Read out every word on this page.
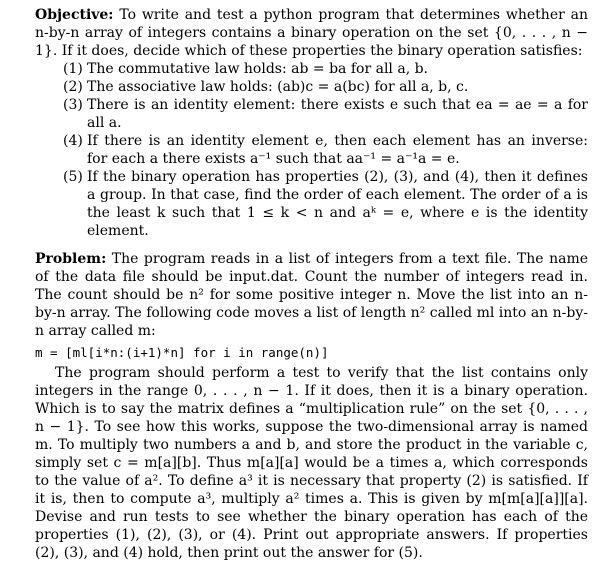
Objective: To write and test a python program that determines whether an n-by-n array of integers contains a binary operation on the set {0, . . . , n − 1}. If it does, decide which of these properties the binary operation satisfies:

(1) The commutative law holds: ab = ba for all a, b.
(2) The associative law holds: (ab)c = a(bc) for all a, b, c.
(3) There is an identity element: there exists e such that ea = ae = a for all a.
(4) If there is an identity element e, then each element has an inverse: for each a there exists a⁻¹ such that aa⁻¹ = a⁻¹a = e.
(5) If the binary operation has properties (2), (3), and (4), then it defines a group. In that case, find the order of each element. The order of a is the least k such that 1 ≤ k < n and aᵏ = e, where e is the identity element.

Problem: The program reads in a list of integers from a text file. The name of the data file should be input.dat. Count the number of integers read in. The count should be n² for some positive integer n. Move the list into an n-by-n array. The following code moves a list of length n² called ml into an n-by-n array called m:

m = [ml[i*n:(i+1)*n] for i in range(n)]

The program should perform a test to verify that the list contains only integers in the range 0, . . . , n − 1. If it does, then it is a binary operation. Which is to say the matrix defines a “multiplication rule” on the set {0, . . . , n − 1}. To see how this works, suppose the two-dimensional array is named m. To multiply two numbers a and b, and store the product in the variable c, simply set c = m[a][b]. Thus m[a][a] would be a times a, which corresponds to the value of a². To define a³ it is necessary that property (2) is satisfied. If it is, then to compute a³, multiply a² times a. This is given by m[m[a][a]][a]. Devise and run tests to see whether the binary operation has each of the properties (1), (2), (3), or (4). Print out appropriate answers. If properties (2), (3), and (4) hold, then print out the answer for (5).
